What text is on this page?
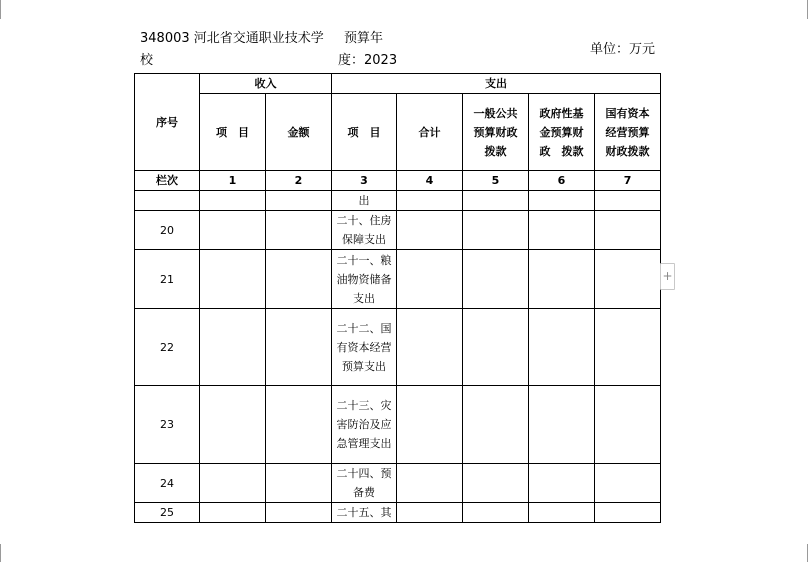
348003 河北省交通职业技术学
校
预算年
度：2023
单位：万元
序号	收入		支出				
	项　目	金额	项　目	合计	一般公共预算财政拨款	政府性基金预算财政　拨款	国有资本经营预算财政拨款
栏次	1	2	3	4	5	6	7

			出				

20			二十、住房保障支出				

21			二十一、粮油物资储备支出				

22			二十二、国有资本经营预算支出				

23			二十三、灾害防治及应急管理支出				

24			二十四、预备费				

25			二十五、其				

+
